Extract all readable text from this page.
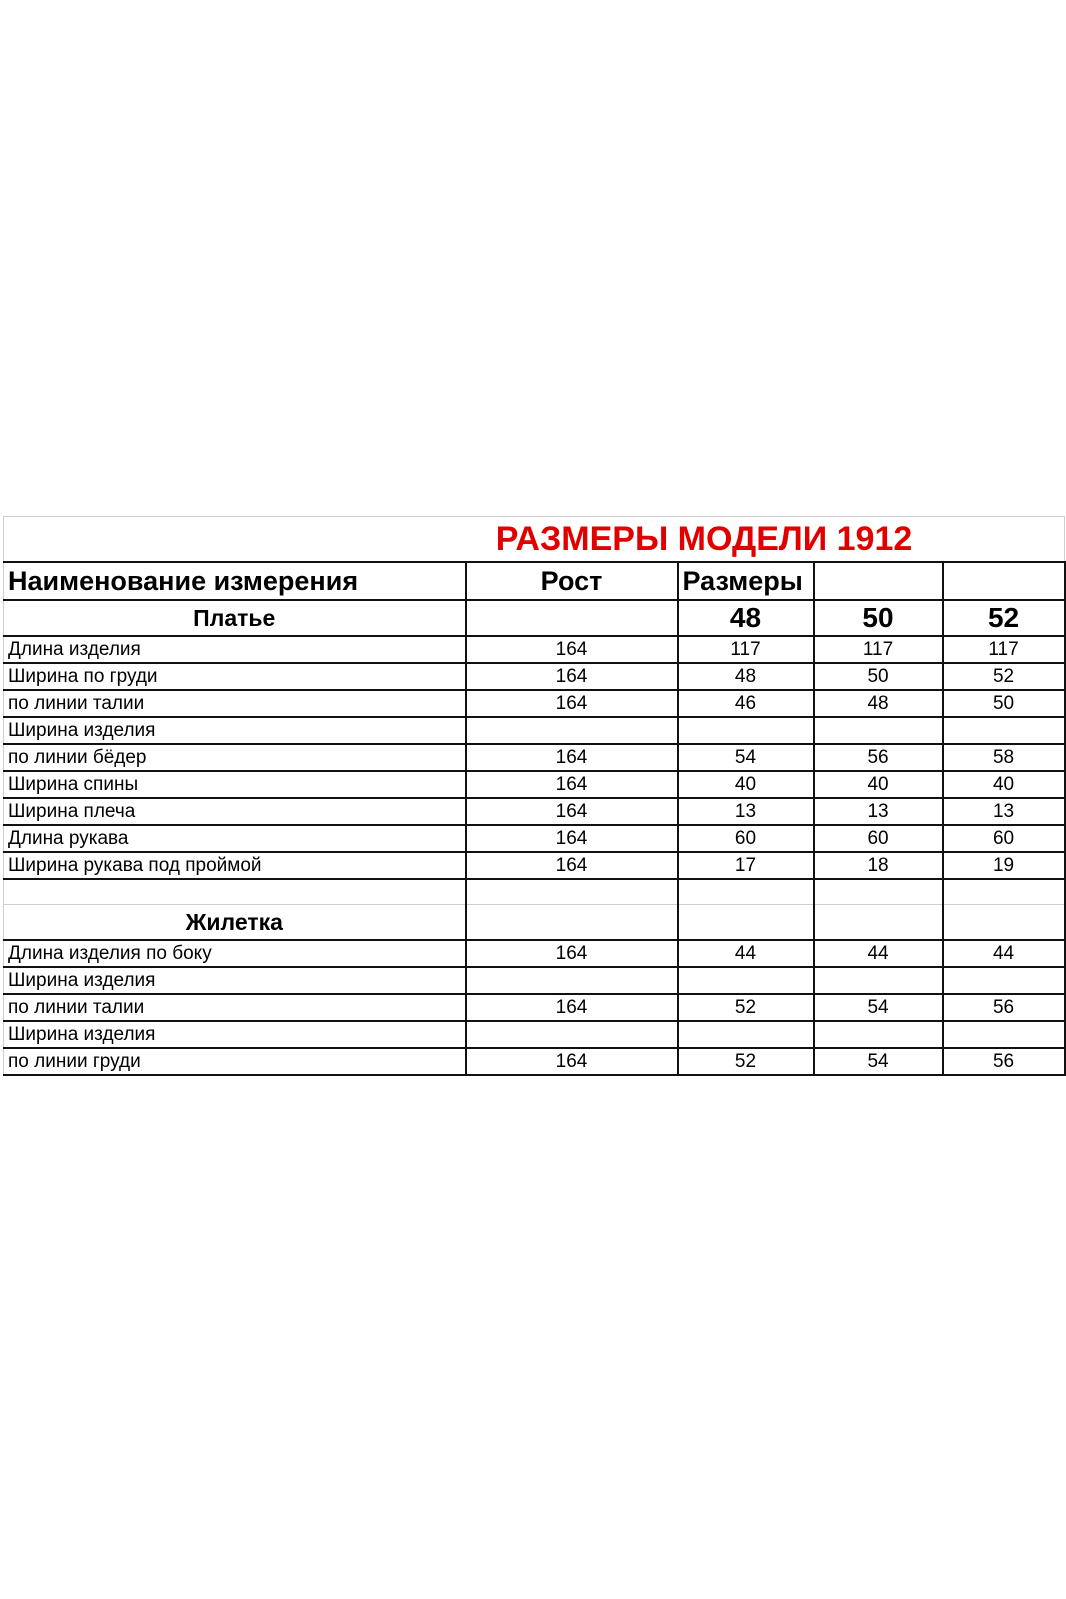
	РАЗМЕРЫ МОДЕЛИ 1912			
Наименование измерения	Рост	Размеры		
Платье		48	50	52
Длина изделия	164	117	117	117
Ширина по груди	164	48	50	52
по линии талии	164	46	48	50
Ширина изделия				
по линии бёдер	164	54	56	58
Ширина спины	164	40	40	40
Ширина плеча	164	13	13	13
Длина рукава	164	60	60	60
Ширина рукава под проймой	164	17	18	19

Жилетка				
Длина изделия по боку	164	44	44	44
Ширина изделия				
по линии талии	164	52	54	56
Ширина изделия				
по линии груди	164	52	54	56
